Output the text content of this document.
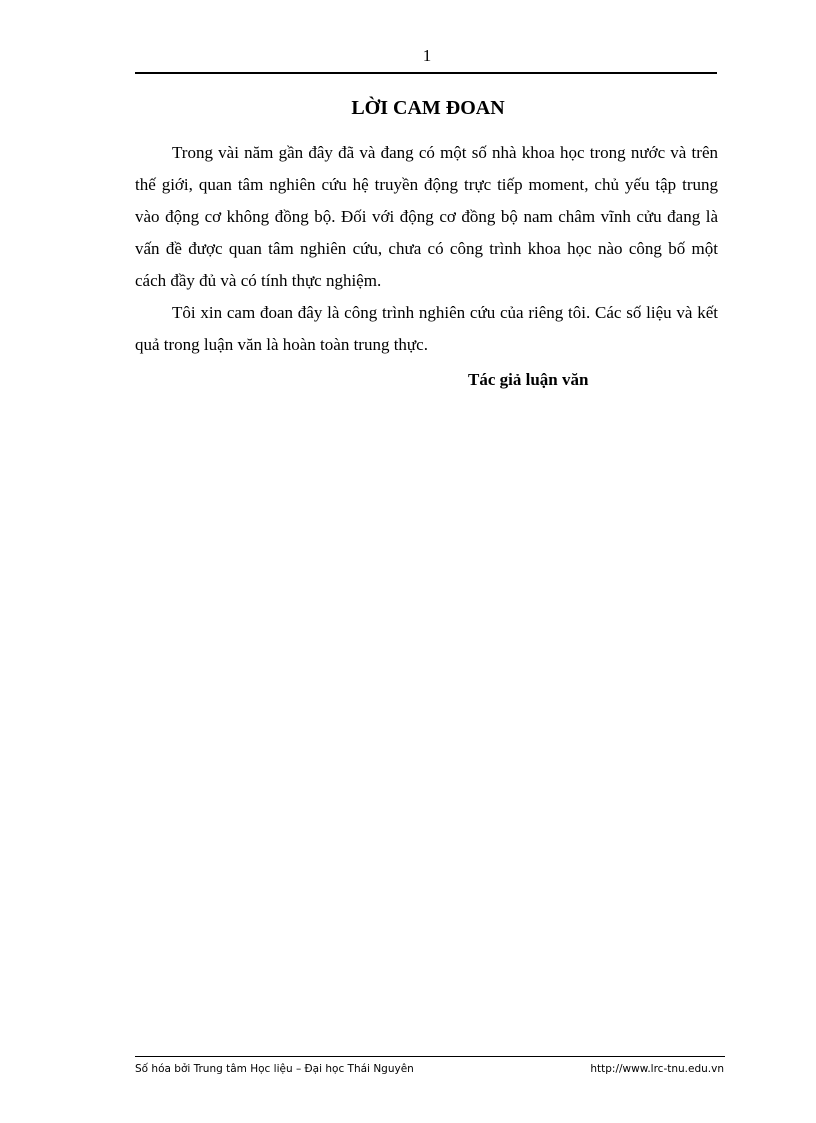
1
LỜI CAM ĐOAN

Trong vài năm gần đây đã và đang có một số nhà khoa học trong nước và trên thế giới, quan tâm nghiên cứu hệ truyền động trực tiếp moment, chủ yếu tập trung vào động cơ không đồng bộ. Đối với động cơ đồng bộ nam châm vĩnh cửu đang là vấn đề được quan tâm nghiên cứu, chưa có công trình khoa học nào công bố một cách đầy đủ và có tính thực nghiệm.

Tôi xin cam đoan đây là công trình nghiên cứu của riêng tôi. Các số liệu và kết quả trong luận văn là hoàn toàn trung thực.

Tác giả luận văn
Số hóa bởi Trung tâm Học liệu – Đại học Thái Nguyên	http://www.lrc-tnu.edu.vn
